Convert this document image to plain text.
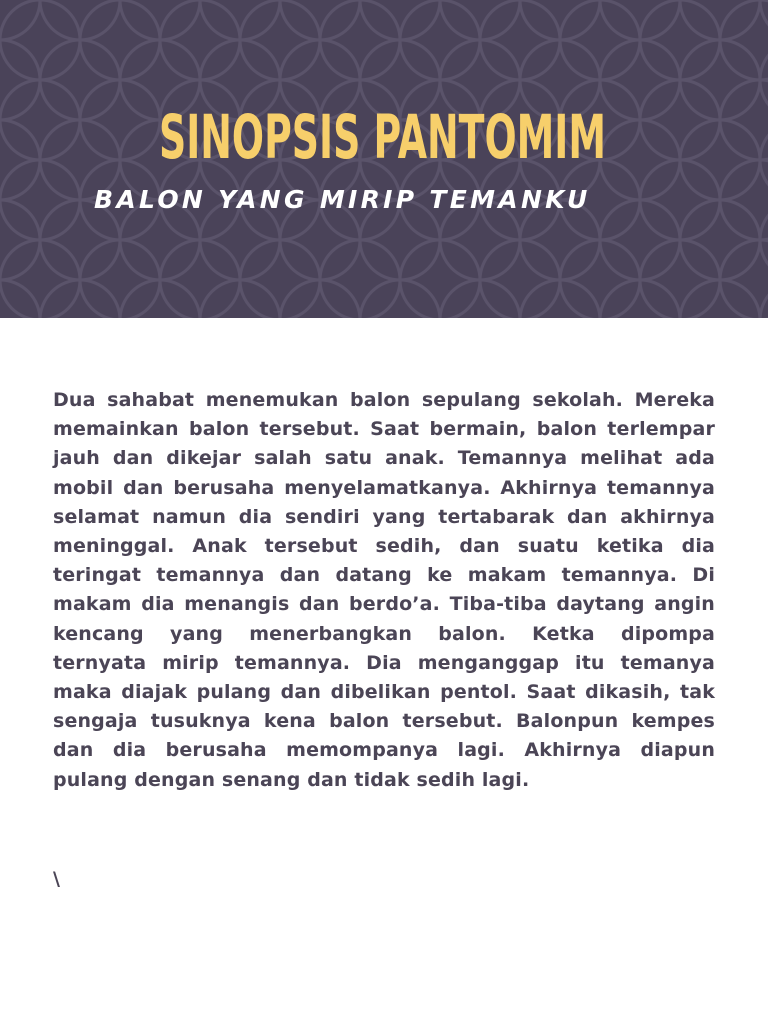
SINOPSIS PANTOMIM
BALON YANG MIRIP TEMANKU

Dua sahabat menemukan balon sepulang sekolah. Mereka memainkan balon tersebut. Saat bermain, balon terlempar jauh dan dikejar salah satu anak. Temannya melihat ada mobil dan berusaha menyelamatkanya. Akhirnya temannya selamat namun dia sendiri yang tertabarak dan akhirnya meninggal. Anak tersebut sedih, dan suatu ketika dia teringat temannya dan datang ke makam temannya. Di makam dia menangis dan berdo’a. Tiba-tiba daytang angin kencang yang menerbangkan balon. Ketka dipompa ternyata mirip temannya. Dia menganggap itu temanya maka diajak pulang dan dibelikan pentol. Saat dikasih, tak sengaja tusuknya kena balon tersebut. Balonpun kempes dan dia berusaha memompanya lagi. Akhirnya diapun pulang dengan senang dan tidak sedih lagi.

\
